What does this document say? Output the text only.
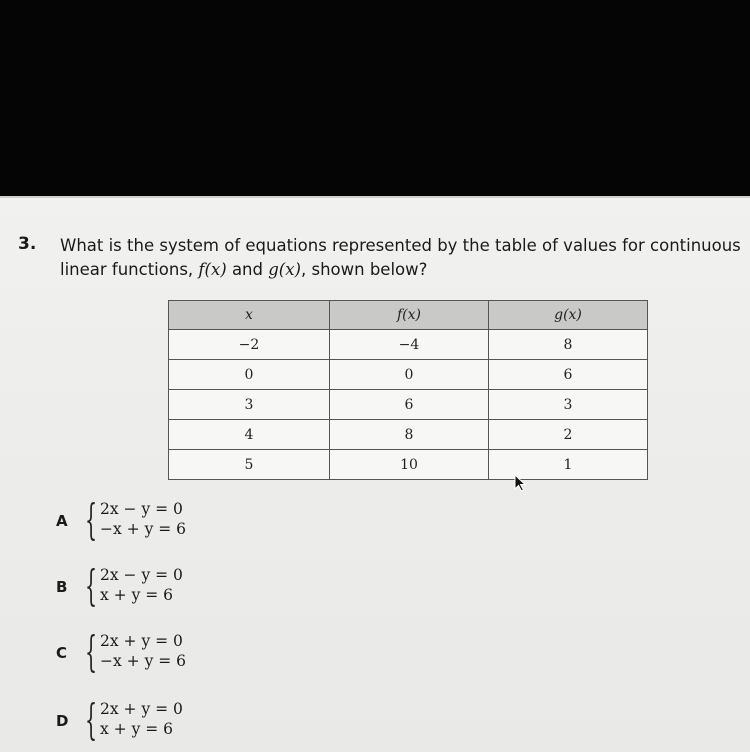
3. What is the system of equations represented by the table of values for continuous
linear functions, f(x) and g(x), shown below?
x	f(x)	g(x)
−2	−4	8
0	0	6
3	6	3
4	8	2
5	10	1
A { 2x − y = 0
−x + y = 6
B { 2x − y = 0
x + y = 6
C { 2x + y = 0
−x + y = 6
D { 2x + y = 0
x + y = 6
